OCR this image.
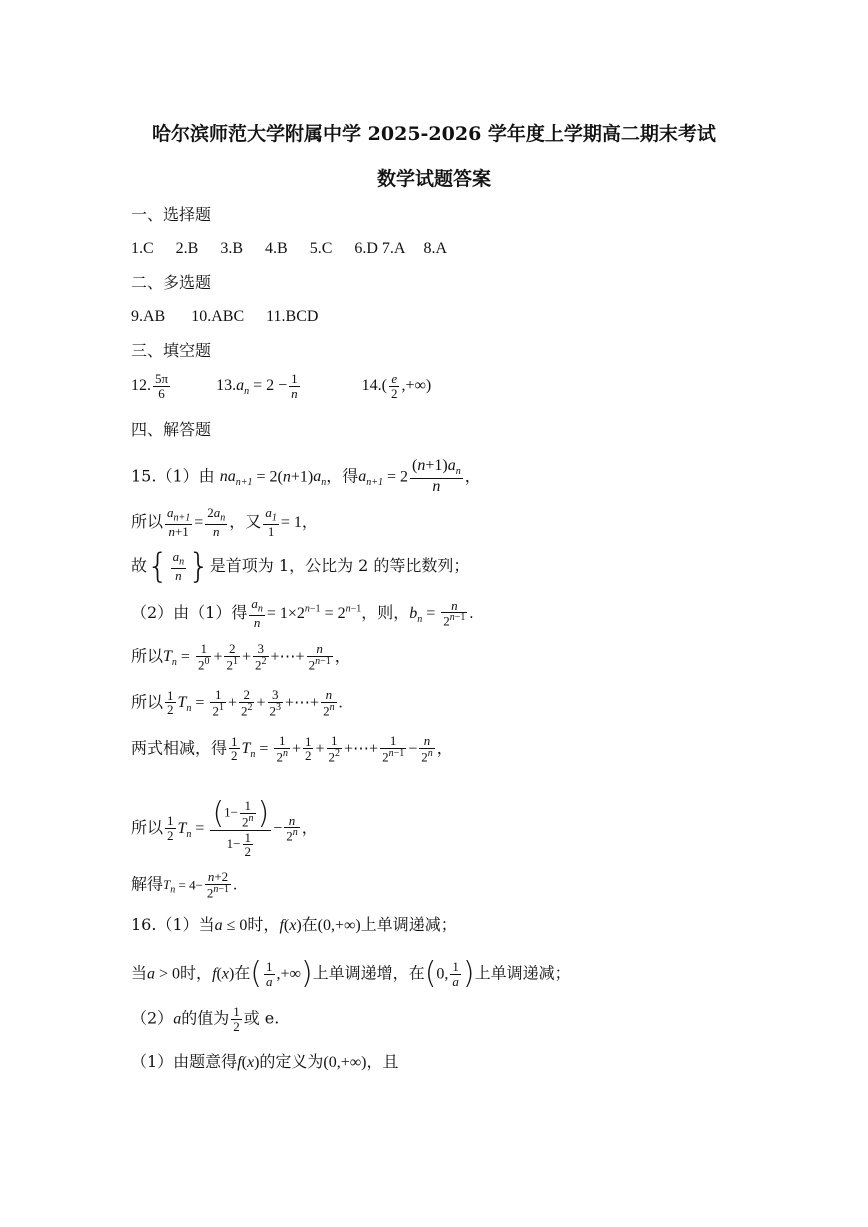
哈尔滨师范大学附属中学 2025-2026 学年度上学期高二期末考试
数学试题答案
一、选择题
1.C 2.B 3.B 4.B 5.C 6.D 7.A 8.A
二、多选题
9.AB 10.ABC 11.BCD
三、填空题
12. $\frac{5\pi}{6}$	$13.a_n = 2 - \frac{1}{n}$	$14.( \frac{e}{2}$ ,+∞)
四、解答题
15.（1）由 $na_{n+1} = 2(n+1)a_n$，得$a_{n+1} = 2 \frac{(n+1)a_n}{n}$ ，
所以 $\frac{a_{n+1}}{n+1} = \frac{2a_n}{n}$ ，又 $\frac{a_1}{1} = 1$，
故{ $\frac{a_n}{n}$ }是首项为 1，公比为 2 的等比数列；
（2）由（1）得 $\frac{a_n}{n} = 1\times 2^{n-1} = 2^{n-1}$，则，$b_n = \frac{n}{2^{n-1}}$ .
所以$T_n = \frac{1}{2^0} + \frac{2}{2^1} + \frac{3}{2^2}$ +⋯+ $\frac{n}{2^{n-1}}$ ，
所以 $\frac{1}{2} T_n = \frac{1}{2^1} + \frac{2}{2^2} + \frac{3}{2^3}$ +⋯+ $\frac{n}{2^n}$ .
两式相减，得 $\frac{1}{2} T_n = \frac{1}{2^n} + \frac{1}{2} + \frac{1}{2^2}$ +⋯+ $\frac{1}{2^{n-1}} - \frac{n}{2^n}$ ，
所以 $\frac{1}{2} T_n = \frac{(1- \frac{1}{2^n} )}{1- \frac{1}{2}} - \frac{n}{2^n}$ ，
解得$T_n = 4- \frac{n+2}{2^{n-1}}$ .
16.（1）当a ≤ 0时，f(x)在(0,+∞)上单调递减；
当a > 0时，f(x)在( $\frac{1}{a}$ ,+∞)上单调递增，在(0, $\frac{1}{a}$ )上单调递减；
（2）a的值为 $\frac{1}{2}$ 或 e.
（1）由题意得f(x)的定义为(0,+∞)，且
